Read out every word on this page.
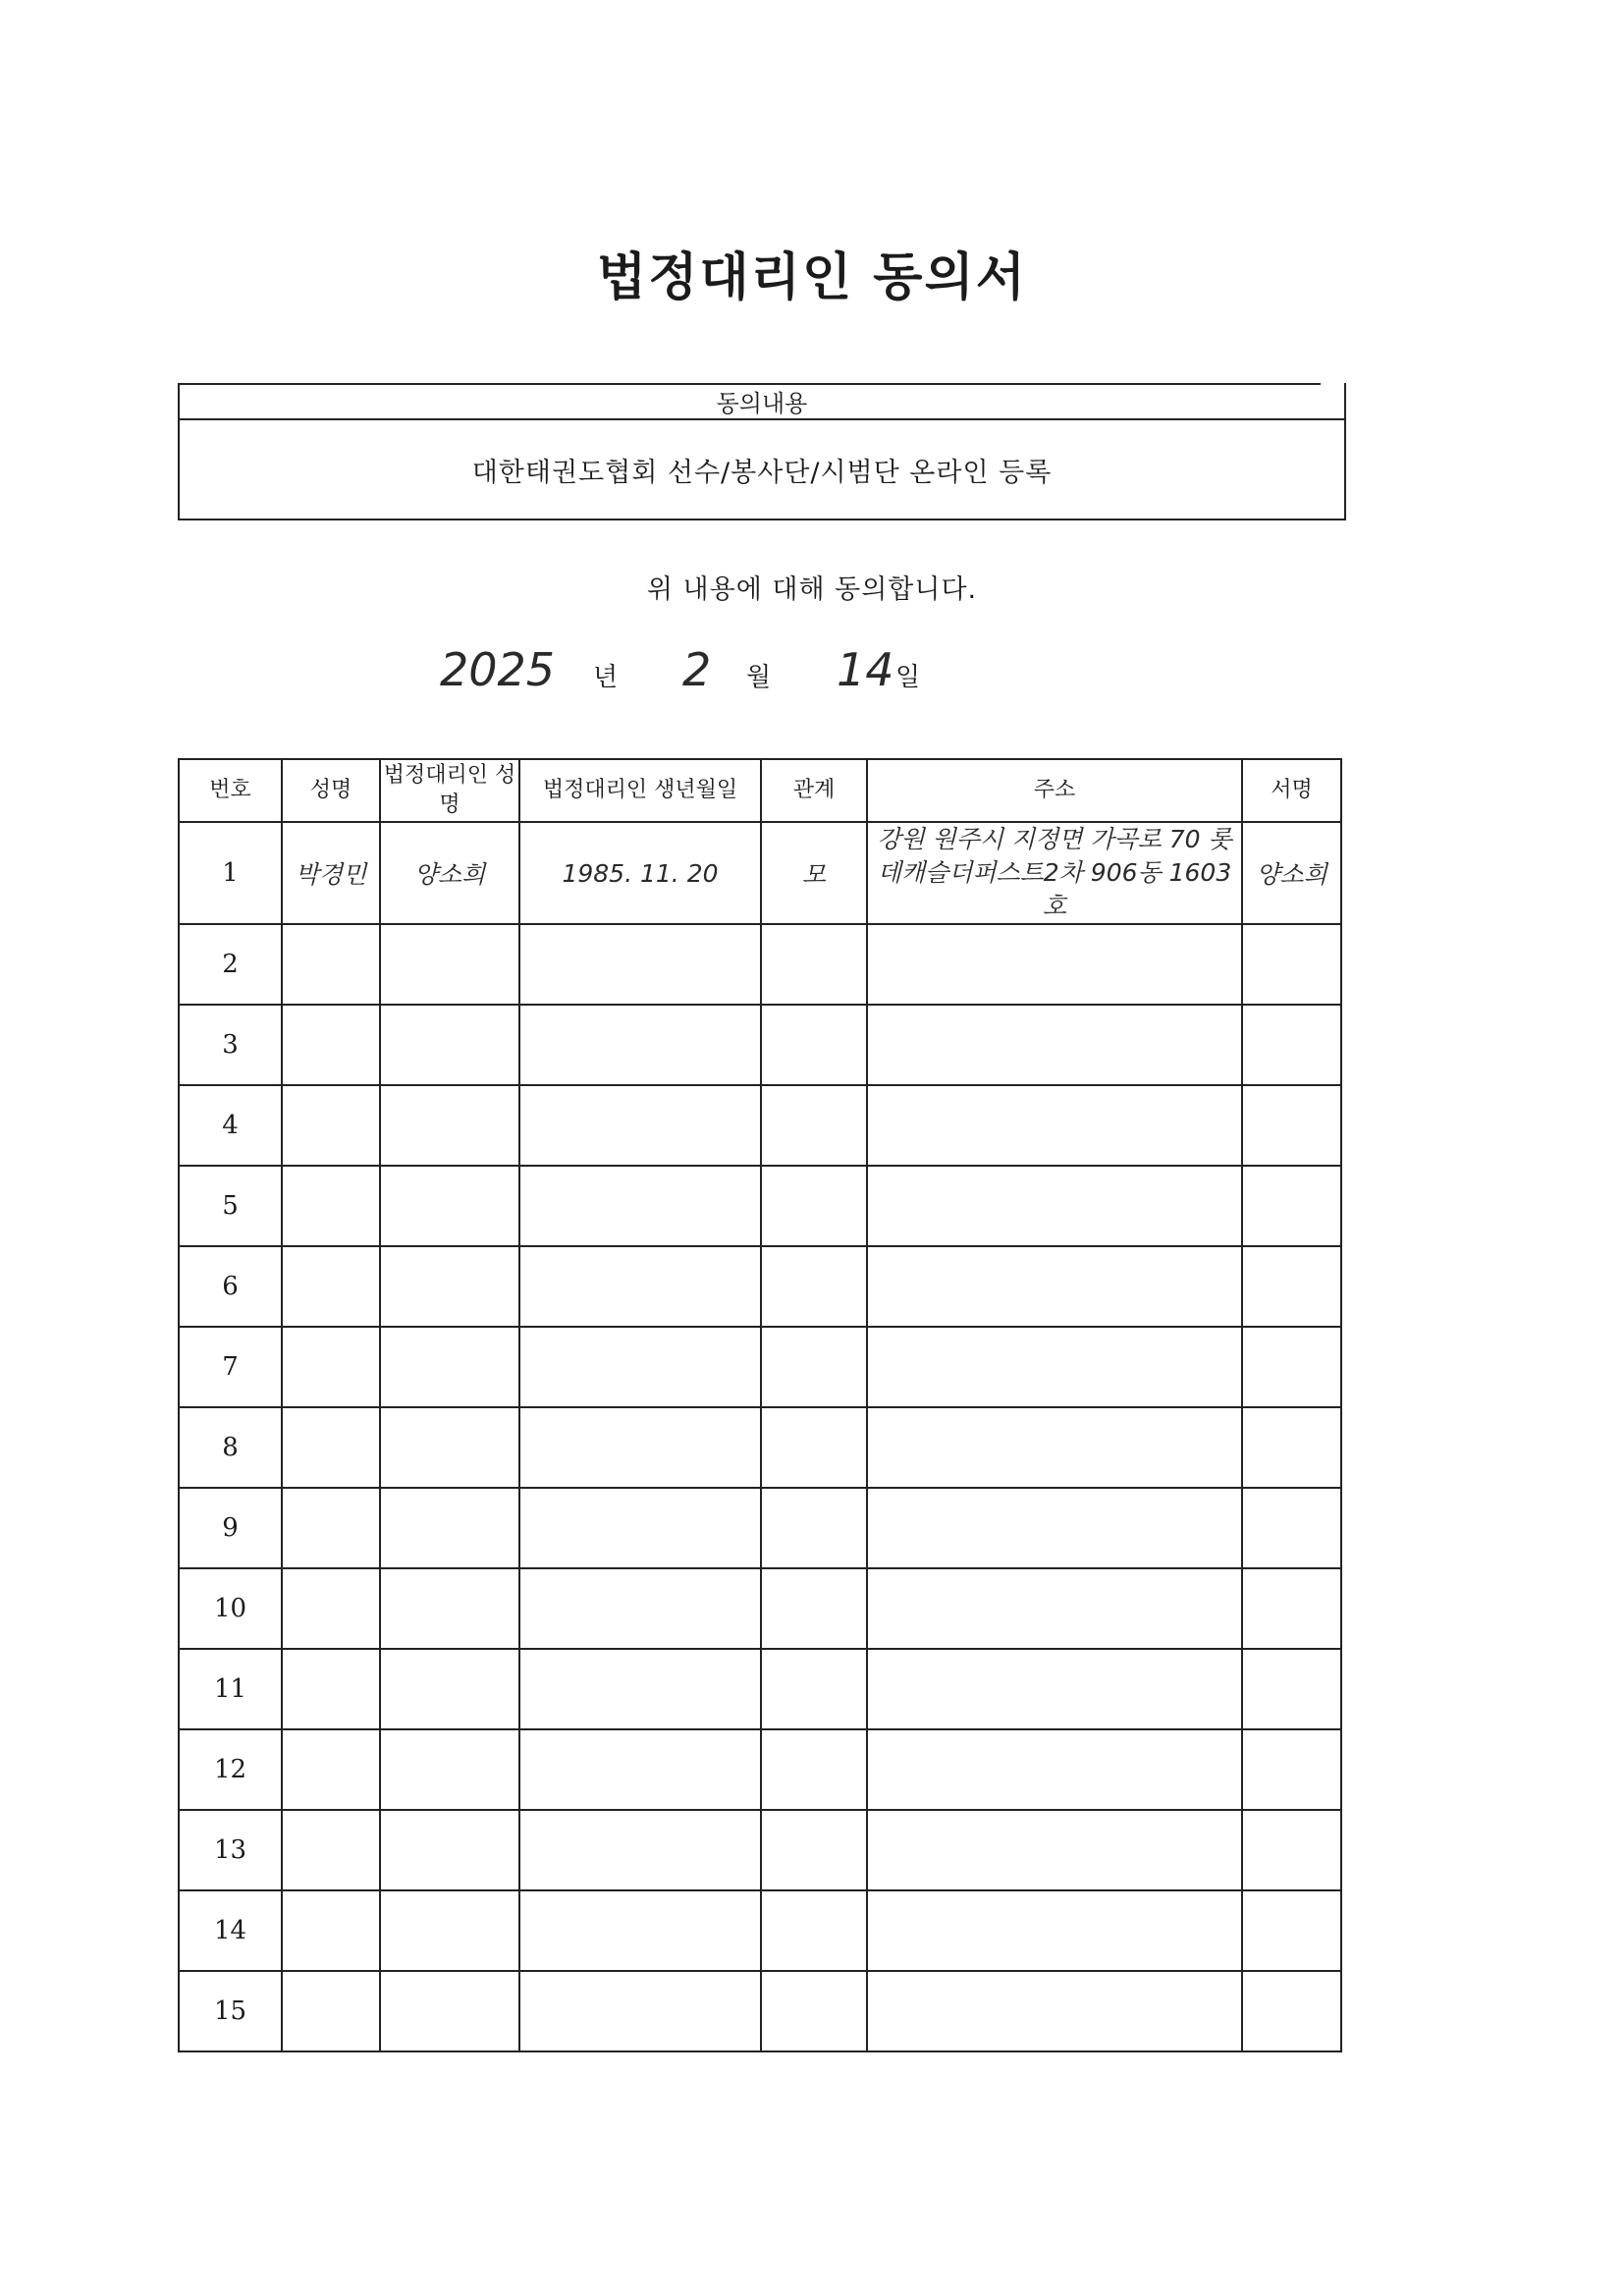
법정대리인 동의서
동의내용
대한태권도협회 선수/봉사단/시범단 온라인 등록
위 내용에 대해 동의합니다.
2025 년 2 월 14 일
번호	성명	법정대리인 성명	법정대리인 생년월일	관계	주소	서명
1	박경민	양소희	1985. 11. 20	모	강원 원주시 지정면 가곡로 70 롯데캐슬더퍼스트2차 906동 1603호	양소희
2						
3						
4						
5						
6						
7						
8						
9						
10						
11						
12						
13						
14						
15						
